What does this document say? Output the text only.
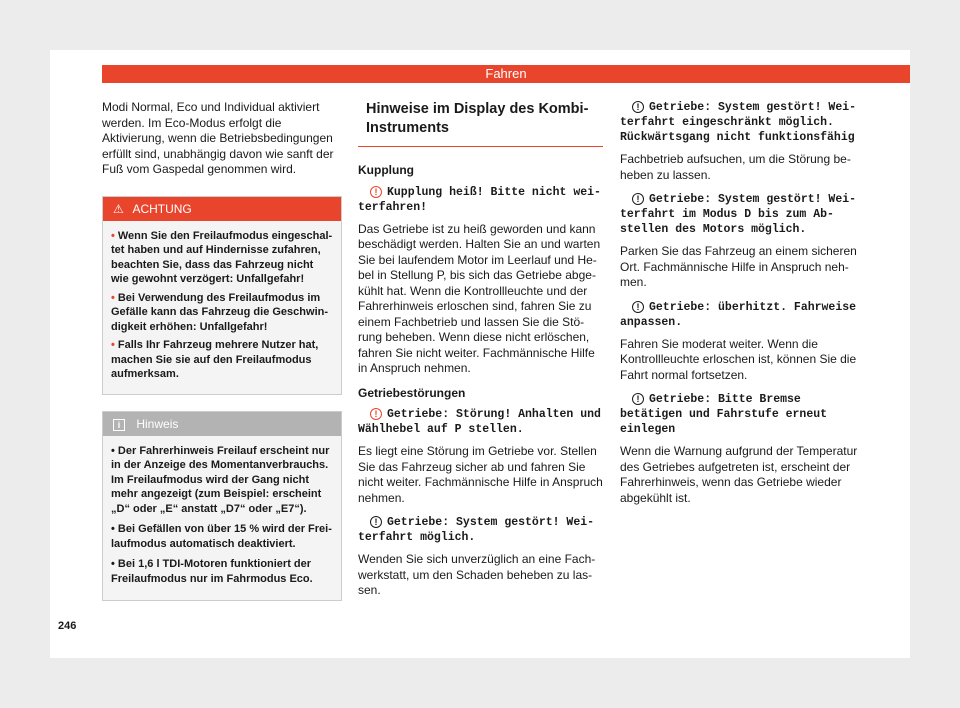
Fahren

Modi Normal, Eco und Individual aktiviert werden. Im Eco-Modus erfolgt die Aktivierung, wenn die Betriebsbedingungen erfüllt sind, unabhängig davon wie sanft der Fuß vom Gaspedal genommen wird.

⚠ ACHTUNG
• Wenn Sie den Freilaufmodus eingeschaltet haben und auf Hindernisse zufahren, beachten Sie, dass das Fahrzeug nicht wie gewohnt verzögert: Unfallgefahr!
• Bei Verwendung des Freilaufmodus im Gefälle kann das Fahrzeug die Geschwindigkeit erhöhen: Unfallgefahr!
• Falls Ihr Fahrzeug mehrere Nutzer hat, machen Sie sie auf den Freilaufmodus aufmerksam.
i Hinweis
• Der Fahrerhinweis Freilauf erscheint nur in der Anzeige des Momentanverbrauchs. Im Freilaufmodus wird der Gang nicht mehr angezeigt (zum Beispiel: erscheint „D“ oder „E“ anstatt „D7“ oder „E7“).
• Bei Gefällen von über 15 % wird der Freilaufmodus automatisch deaktiviert.
• Bei 1,6 l TDI-Motoren funktioniert der Freilaufmodus nur im Fahrmodus Eco.
Hinweise im Display des Kombi-Instruments

Kupplung

! Kupplung heiß! Bitte nicht weiterfahren!

Das Getriebe ist zu heiß geworden und kann beschädigt werden. Halten Sie an und warten Sie bei laufendem Motor im Leerlauf und Hebel in Stellung P, bis sich das Getriebe abgekühlt hat. Wenn die Kontrollleuchte und der Fahrerhinweis erloschen sind, fahren Sie zu einem Fachbetrieb und lassen Sie die Störung beheben. Wenn diese nicht erlöschen, fahren Sie nicht weiter. Fachmännische Hilfe in Anspruch nehmen.

Getriebestörungen

! Getriebe: Störung! Anhalten und Wählhebel auf P stellen.

Es liegt eine Störung im Getriebe vor. Stellen Sie das Fahrzeug sicher ab und fahren Sie nicht weiter. Fachmännische Hilfe in Anspruch nehmen.

! Getriebe: System gestört! Weiterfahrt möglich.

Wenden Sie sich unverzüglich an eine Fachwerkstatt, um den Schaden beheben zu lassen.

! Getriebe: System gestört! Weiterfahrt eingeschränkt möglich. Rückwärtsgang nicht funktionsfähig

Fachbetrieb aufsuchen, um die Störung beheben zu lassen.

! Getriebe: System gestört! Weiterfahrt im Modus D bis zum Abstellen des Motors möglich.

Parken Sie das Fahrzeug an einem sicheren Ort. Fachmännische Hilfe in Anspruch nehmen.

! Getriebe: überhitzt. Fahrweise anpassen.

Fahren Sie moderat weiter. Wenn die Kontrollleuchte erloschen ist, können Sie die Fahrt normal fortsetzen.

! Getriebe: Bitte Bremse betätigen und Fahrstufe erneut einlegen

Wenn die Warnung aufgrund der Temperatur des Getriebes aufgetreten ist, erscheint der Fahrerhinweis, wenn das Getriebe wieder abgekühlt ist.

246
